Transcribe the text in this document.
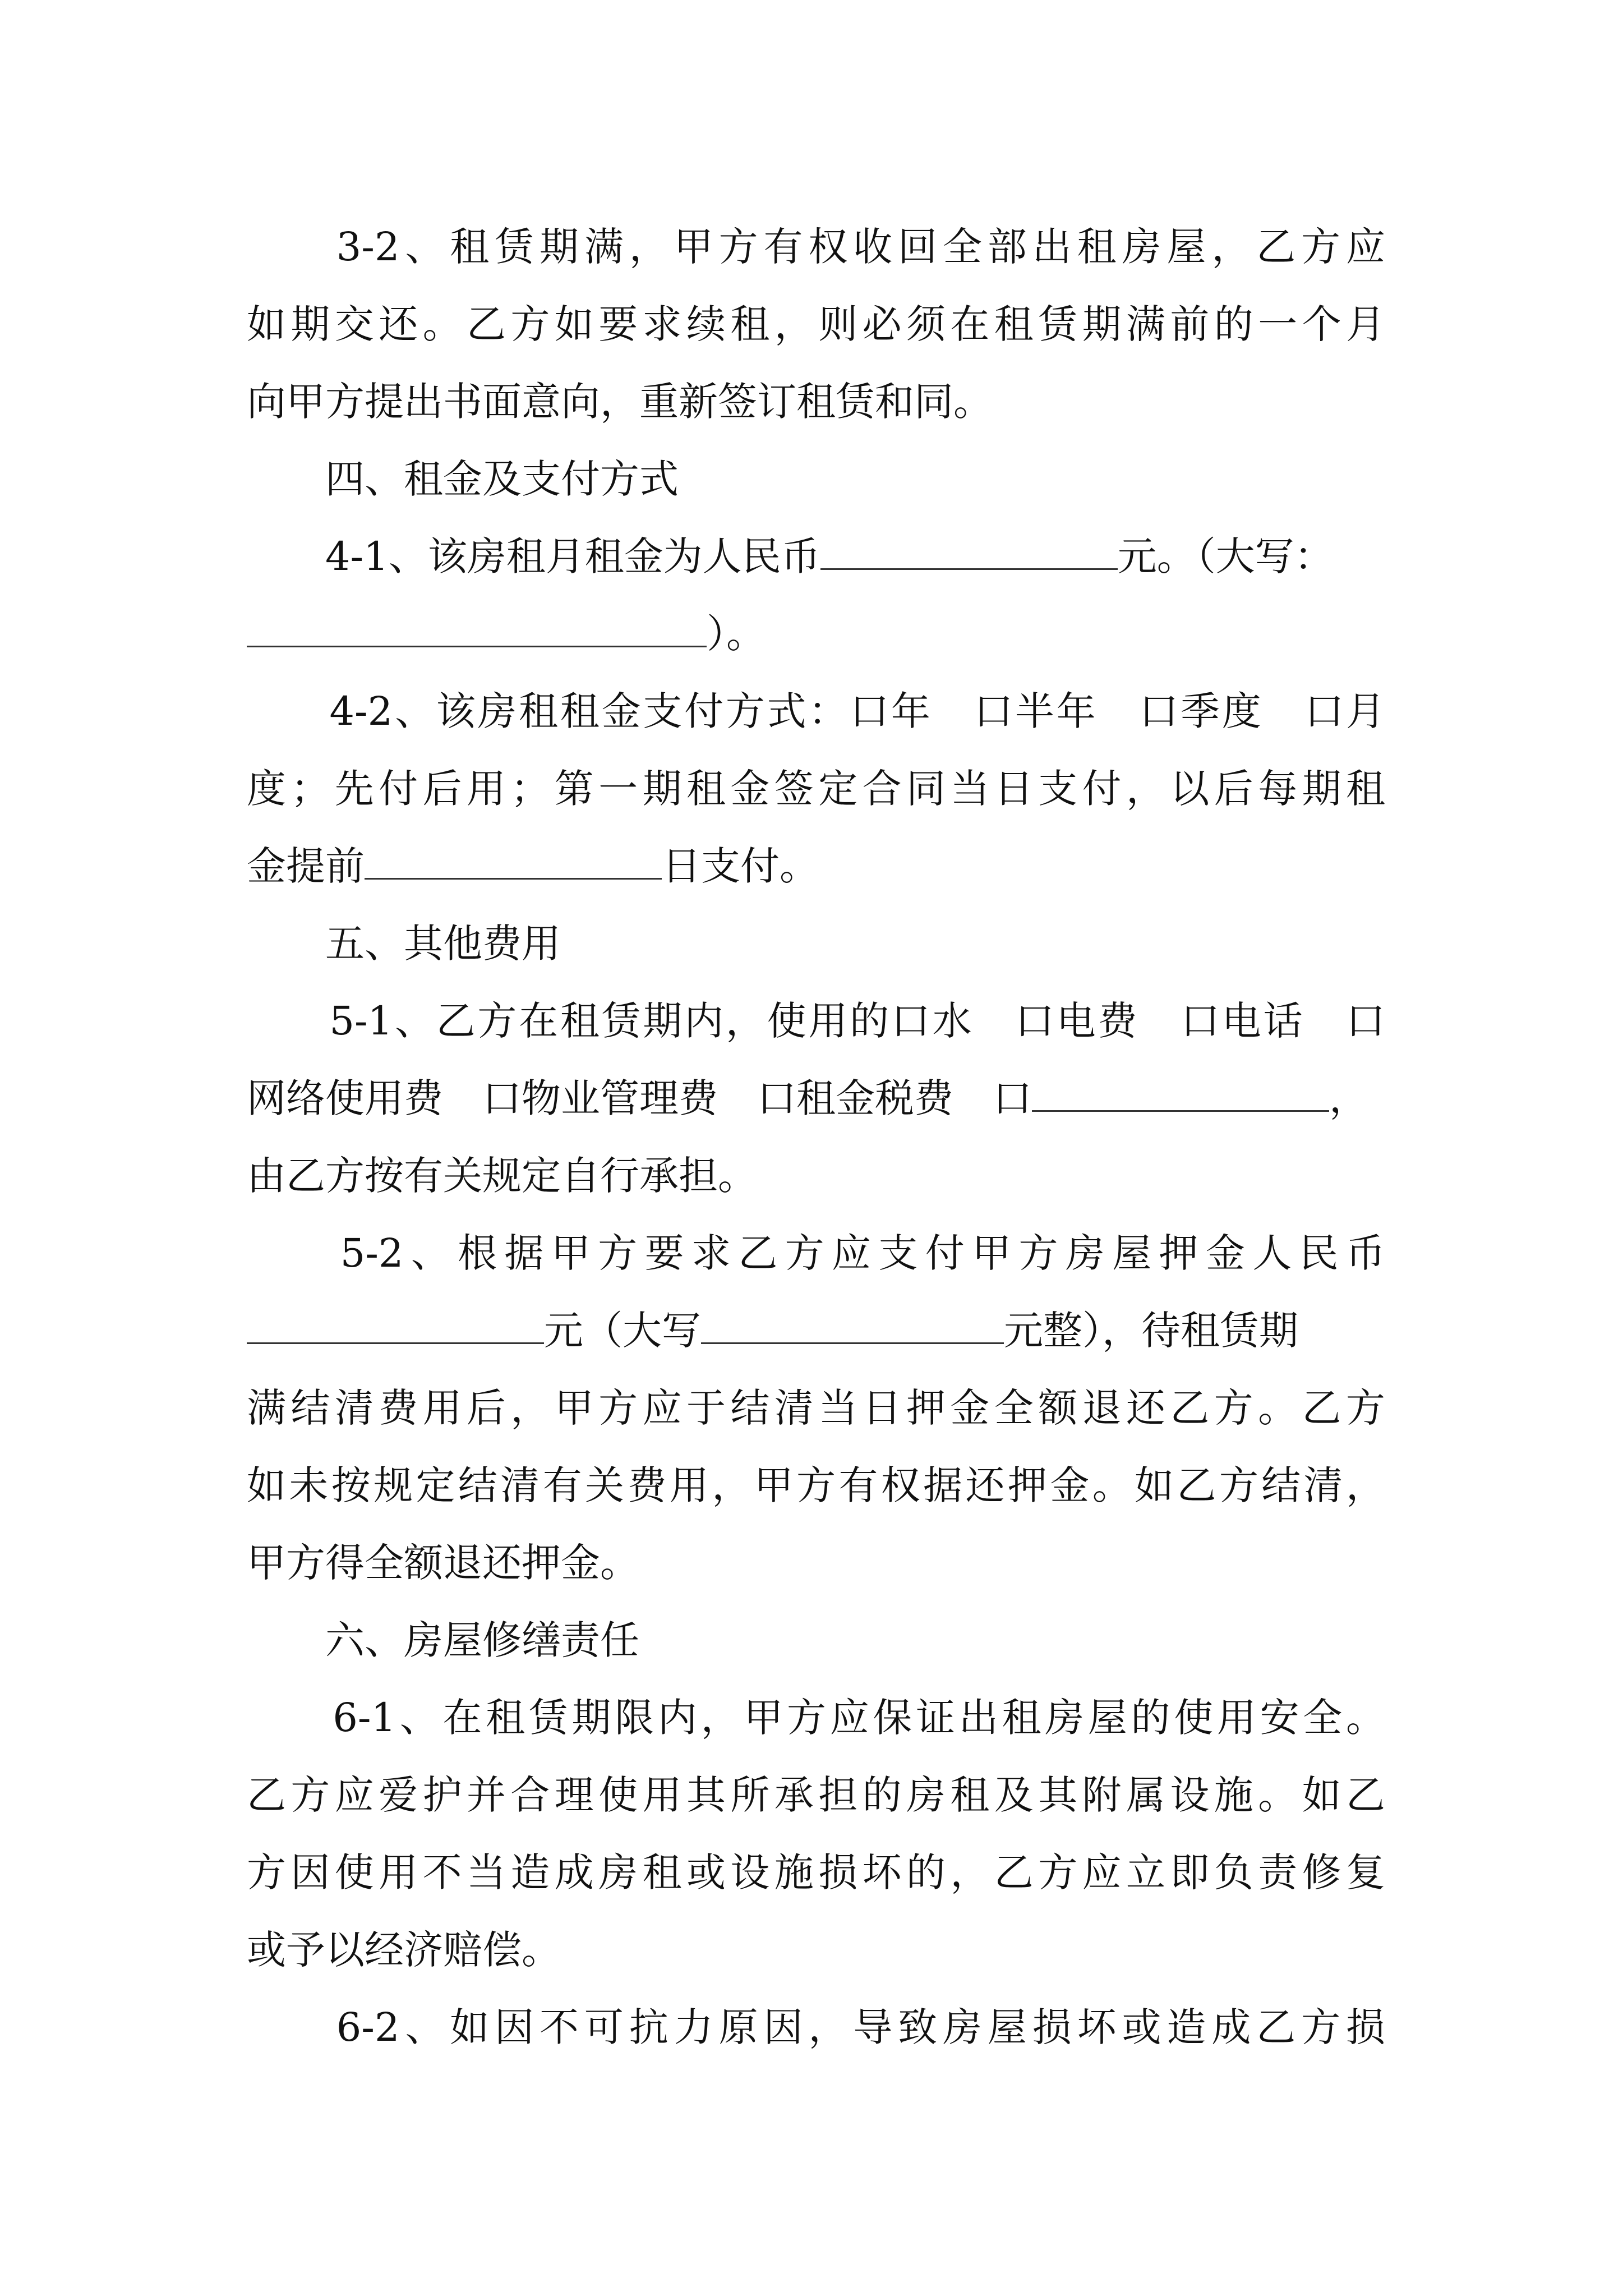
　　3-2、租赁期满，甲方有权收回全部出租房屋，乙方应
如期交还。乙方如要求续租，则必须在租赁期满前的一个月
向甲方提出书面意向，重新签订租赁和同。
　　四、租金及支付方式
　　4-1、该房租月租金为人民币	元。（大写：
）。
　　4-2、该房租租金支付方式：口年　口半年　口季度　口月
度；先付后用；第一期租金签定合同当日支付，以后每期租
金提前	日支付。
　　五、其他费用
　　5-1、乙方在租赁期内，使用的口水　口电费　口电话　口
网络使用费　口物业管理费　口租金税费　口	，
由乙方按有关规定自行承担。
　　5-2、根据甲方要求乙方应支付甲方房屋押金人民币
元（大写	元整），待租赁期
满结清费用后，甲方应于结清当日押金全额退还乙方。乙方
如未按规定结清有关费用，甲方有权据还押金。如乙方结清，
甲方得全额退还押金。
　　六、房屋修缮责任
　　6-1、在租赁期限内，甲方应保证出租房屋的使用安全。
乙方应爱护并合理使用其所承担的房租及其附属设施。如乙
方因使用不当造成房租或设施损坏的，乙方应立即负责修复
或予以经济赔偿。
　　6-2、如因不可抗力原因，导致房屋损坏或造成乙方损
